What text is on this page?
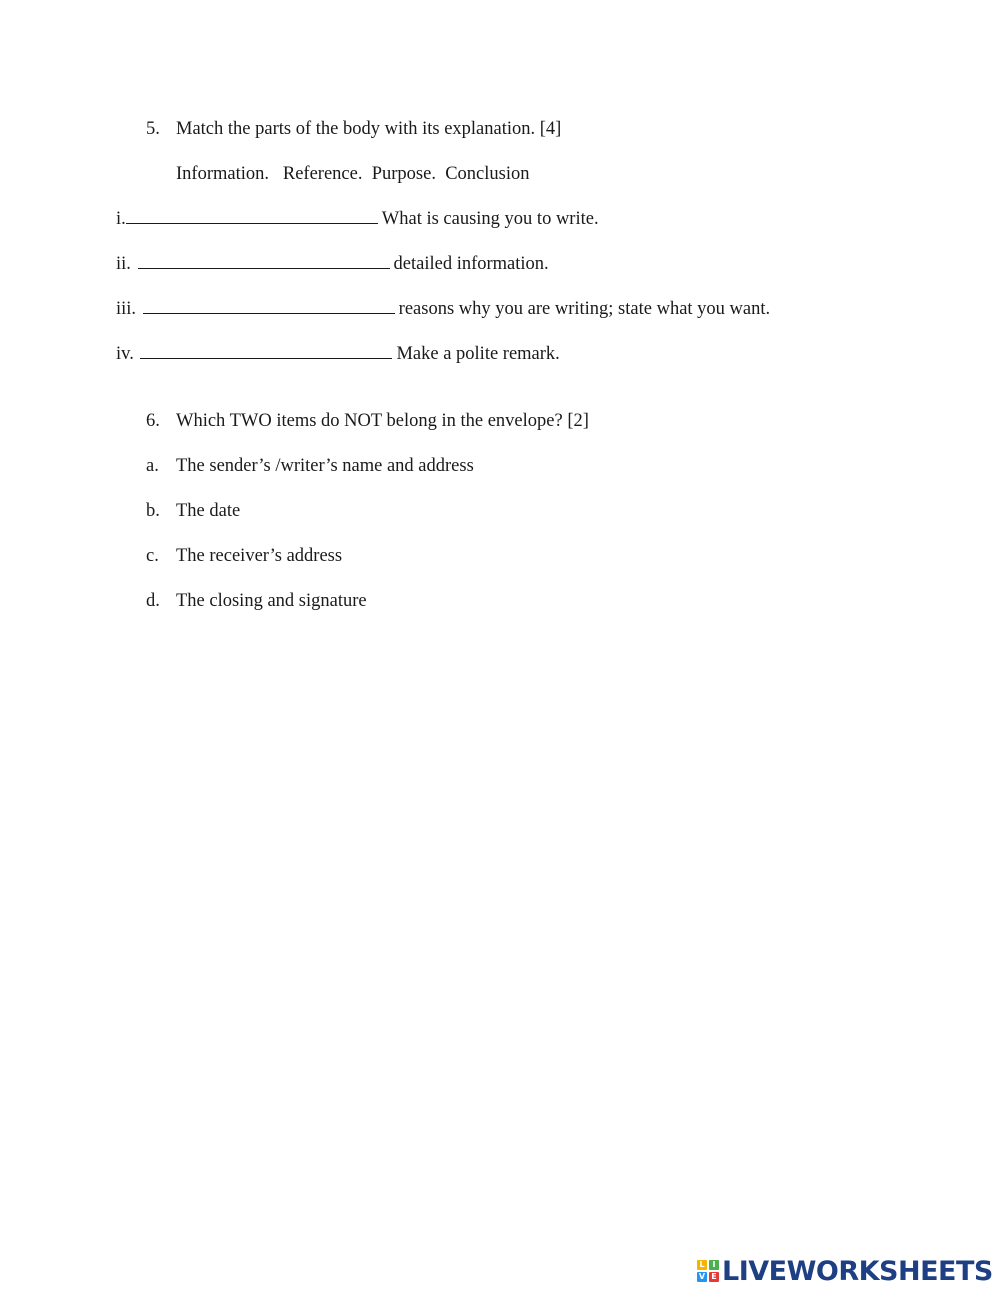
5. Match the parts of the body with its explanation. [4]
Information.   Reference.  Purpose.  Conclusion
i.	What is causing you to write.
ii.	detailed information.
iii.	reasons why you are writing; state what you want.
iv.	Make a polite remark.
6. Which TWO items do NOT belong in the envelope? [2]
a. The sender’s /writer’s name and address
b. The date
c. The receiver’s address
d. The closing and signature
L I
V E LIVEWORKSHEETS
